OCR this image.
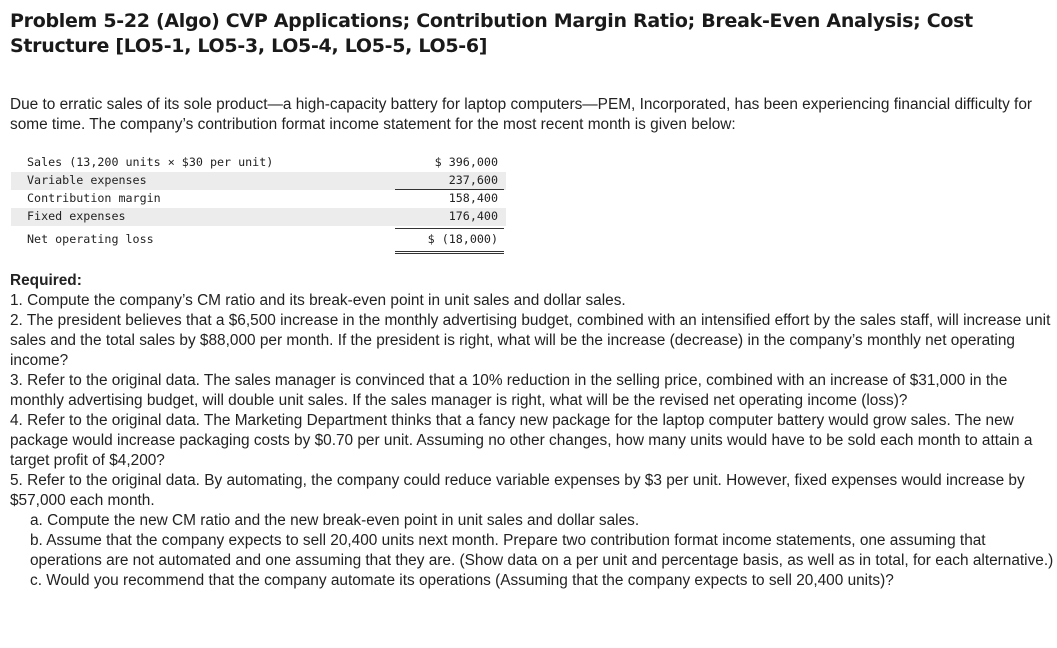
Problem 5-22 (Algo) CVP Applications; Contribution Margin Ratio; Break-Even Analysis; Cost Structure [LO5-1, LO5-3, LO5-4, LO5-5, LO5-6]

Due to erratic sales of its sole product—a high-capacity battery for laptop computers—PEM, Incorporated, has been experiencing financial difficulty for some time. The company’s contribution format income statement for the most recent month is given below:

Sales (13,200 units × $30 per unit)	$ 396,000
Variable expenses	237,600
Contribution margin	158,400
Fixed expenses	176,400
Net operating loss	$ (18,000)

Required:

1. Compute the company’s CM ratio and its break-even point in unit sales and dollar sales.

2. The president believes that a $6,500 increase in the monthly advertising budget, combined with an intensified effort by the sales staff, will increase unit sales and the total sales by $88,000 per month. If the president is right, what will be the increase (decrease) in the company’s monthly net operating income?

3. Refer to the original data. The sales manager is convinced that a 10% reduction in the selling price, combined with an increase of $31,000 in the monthly advertising budget, will double unit sales. If the sales manager is right, what will be the revised net operating income (loss)?

4. Refer to the original data. The Marketing Department thinks that a fancy new package for the laptop computer battery would grow sales. The new package would increase packaging costs by $0.70 per unit. Assuming no other changes, how many units would have to be sold each month to attain a target profit of $4,200?

5. Refer to the original data. By automating, the company could reduce variable expenses by $3 per unit. However, fixed expenses would increase by $57,000 each month.

a. Compute the new CM ratio and the new break-even point in unit sales and dollar sales.

b. Assume that the company expects to sell 20,400 units next month. Prepare two contribution format income statements, one assuming that operations are not automated and one assuming that they are. (Show data on a per unit and percentage basis, as well as in total, for each alternative.)

c. Would you recommend that the company automate its operations (Assuming that the company expects to sell 20,400 units)?
